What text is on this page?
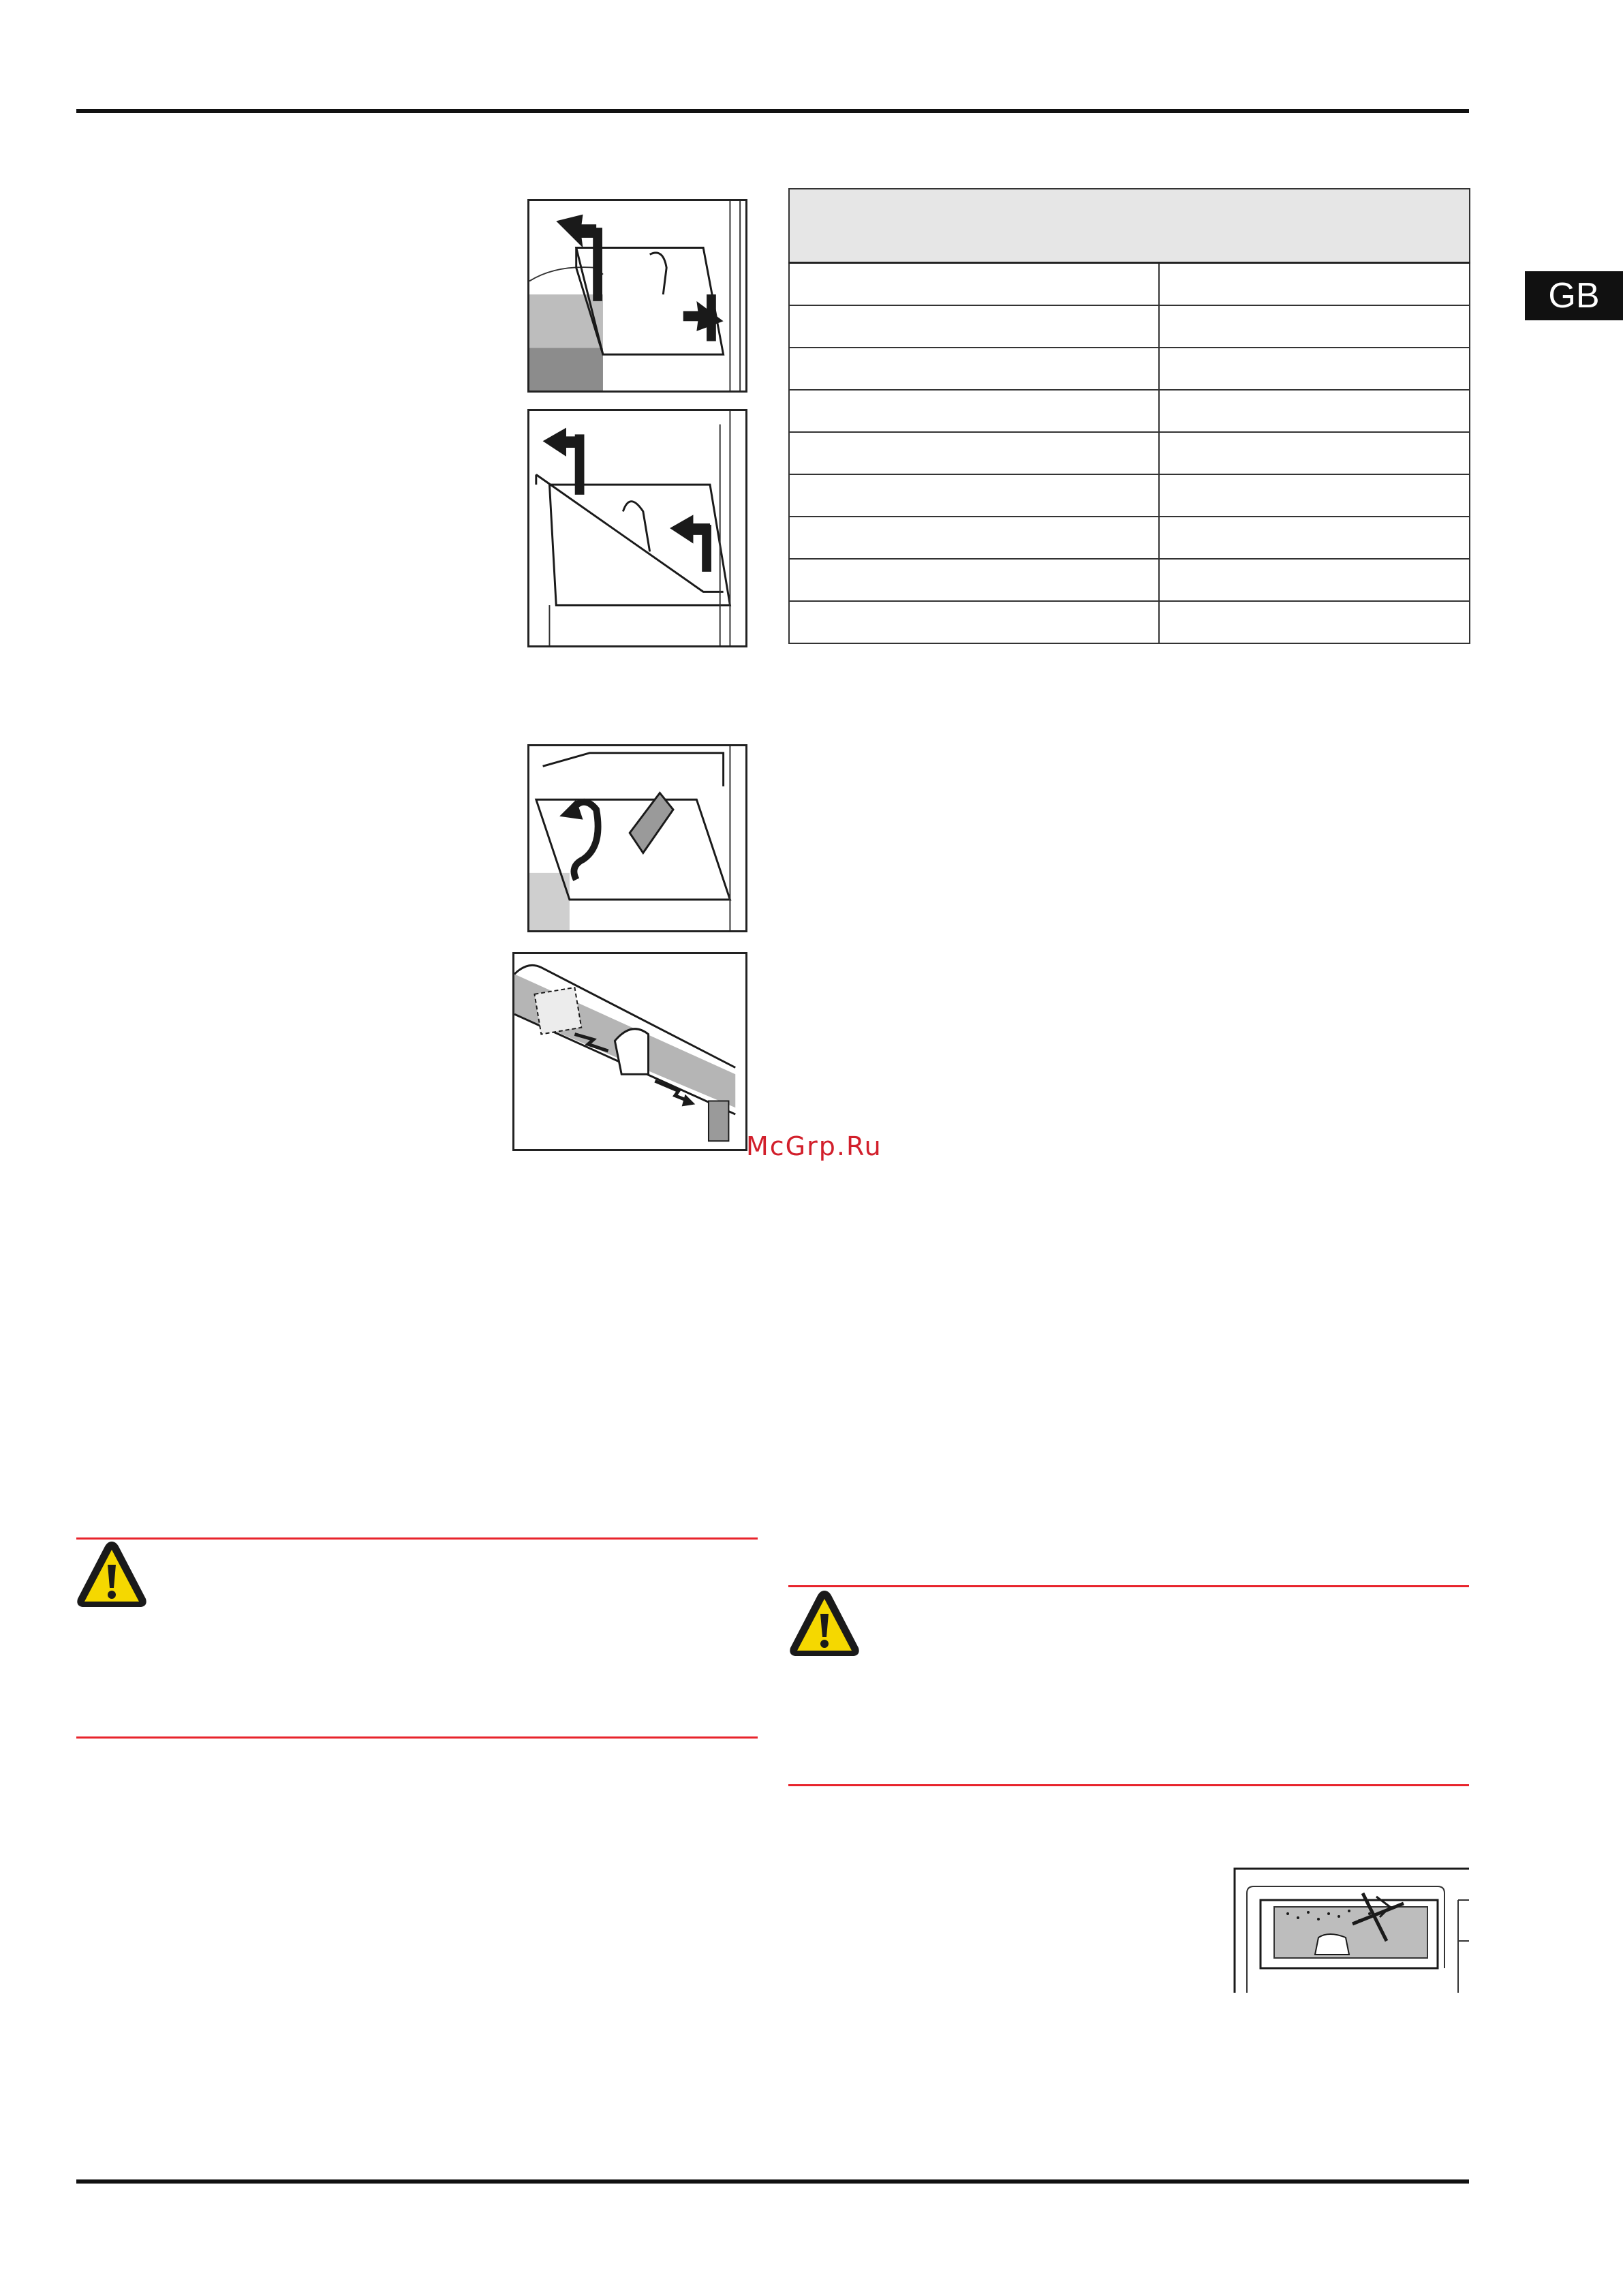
GB

McGrp.Ru
